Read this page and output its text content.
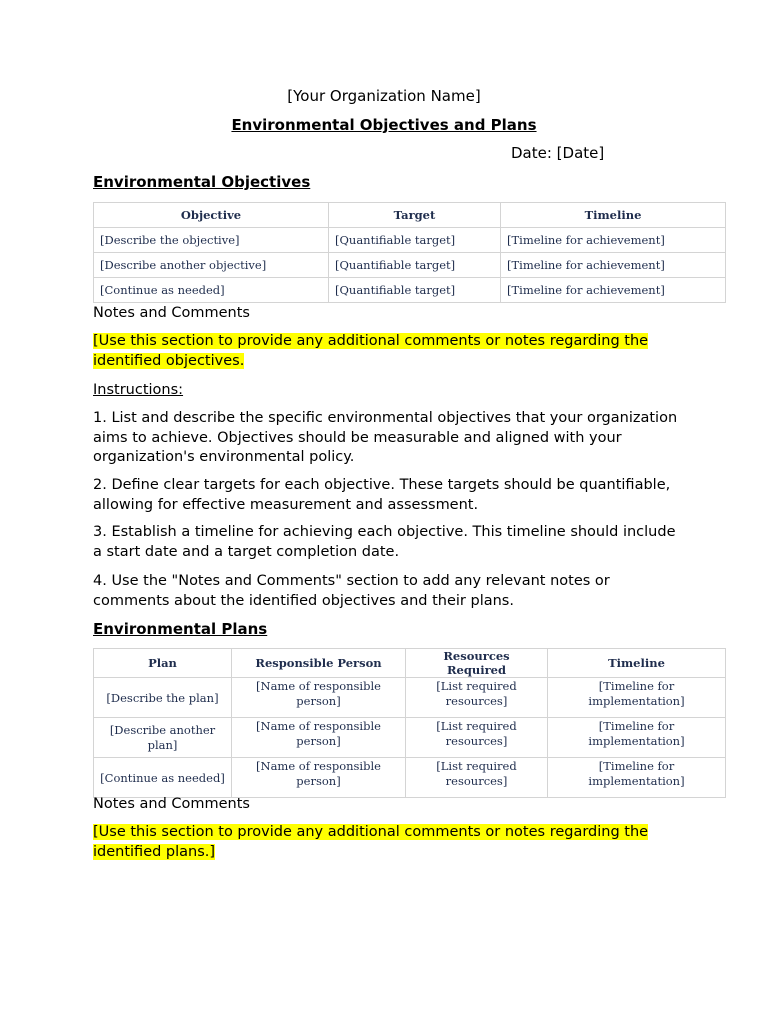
[Your Organization Name]
Environmental Objectives and Plans
Date: [Date]
Environmental Objectives
Objective	Target	Timeline
[Describe the objective]	[Quantifiable target]	[Timeline for achievement]
[Describe another objective]	[Quantifiable target]	[Timeline for achievement]
[Continue as needed]	[Quantifiable target]	[Timeline for achievement]
Notes and Comments
[Use this section to provide any additional comments or notes regarding the identified objectives.
Instructions:
1. List and describe the specific environmental objectives that your organization aims to achieve. Objectives should be measurable and aligned with your organization's environmental policy.
2. Define clear targets for each objective. These targets should be quantifiable, allowing for effective measurement and assessment.
3. Establish a timeline for achieving each objective. This timeline should include a start date and a target completion date.
4. Use the "Notes and Comments" section to add any relevant notes or comments about the identified objectives and their plans.
Environmental Plans
Plan	Responsible Person	Resources Required	Timeline
[Describe the plan]	[Name of responsible person]	[List required resources]	[Timeline for implementation]
[Describe another plan]	[Name of responsible person]	[List required resources]	[Timeline for implementation]
[Continue as needed]	[Name of responsible person]	[List required resources]	[Timeline for implementation]
Notes and Comments
[Use this section to provide any additional comments or notes regarding the identified plans.]
